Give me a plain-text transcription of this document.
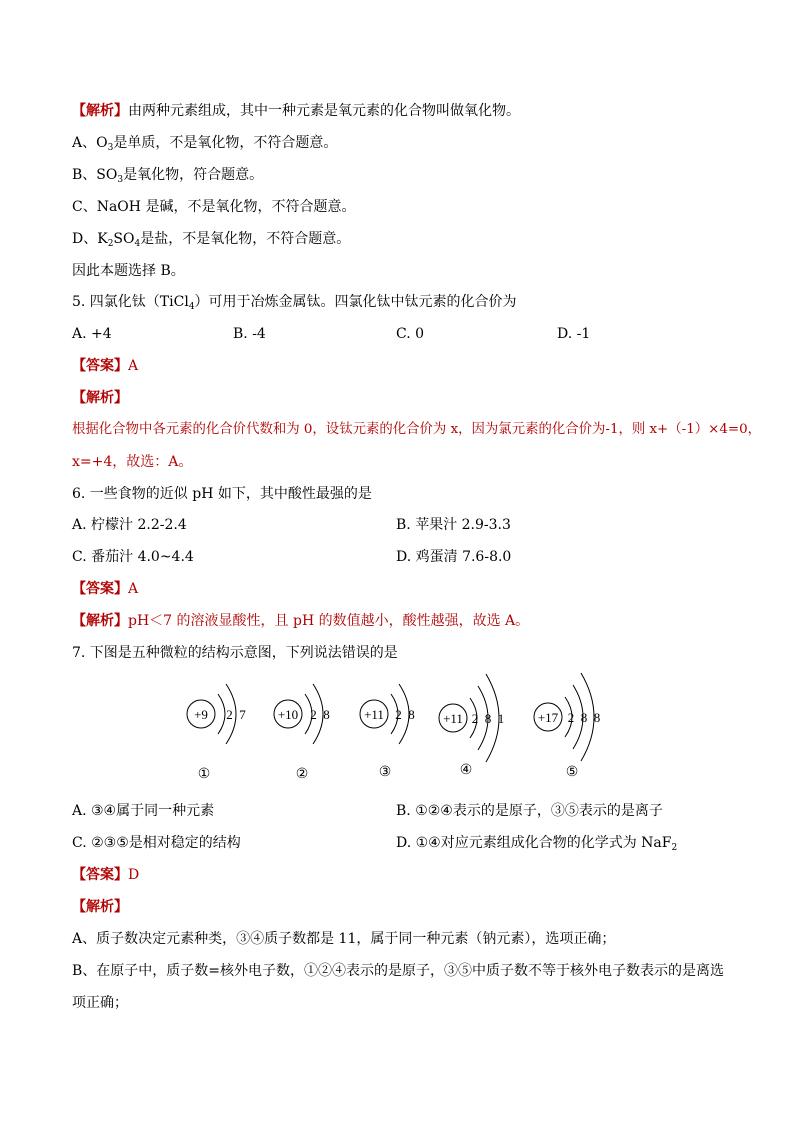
【解析】由两种元素组成，其中一种元素是氧元素的化合物叫做氧化物。
A、$O_3$是单质，不是氧化物，不符合题意。
B、$SO_3$是氧化物，符合题意。
C、NaOH 是碱，不是氧化物，不符合题意。
D、$K_2SO_4$是盐，不是氧化物，不符合题意。
因此本题选择 B。
5. 四氯化钛（TiCl$_4$）可用于冶炼金属钛。四氯化钛中钛元素的化合价为
A. +4	B. -4	C. 0	D. -1
【答案】A
【解析】
根据化合物中各元素的化合价代数和为 0，设钛元素的化合价为 x，因为氯元素的化合价为-1，则 x+（-1）×4=0，
x=+4，故选：A。
6. 一些食物的近似 pH 如下，其中酸性最强的是
A. 柠檬汁 2.2-2.4	B. 苹果汁 2.9-3.3
C. 番茄汁 4.0~4.4	D. 鸡蛋清 7.6-8.0
【答案】A
【解析】pH＜7 的溶液显酸性，且 pH 的数值越小，酸性越强，故选 A。
7. 下图是五种微粒的结构示意图，下列说法错误的是
+9 2  7
①
+10 2  8
②
+11 2  8
③
+11 2  8  1
④
+17 2  8  8
⑤
A. ③④属于同一种元素	B. ①②④表示的是原子，③⑤表示的是离子
C. ②③⑤是相对稳定的结构	D. ①④对应元素组成化合物的化学式为 NaF$_2$
【答案】D
【解析】
A、质子数决定元素种类，③④质子数都是 11，属于同一种元素（钠元素），选项正确；
B、在原子中，质子数=核外电子数，①②④表示的是原子，③⑤中质子数不等于核外电子数表示的是离选
项正确；
